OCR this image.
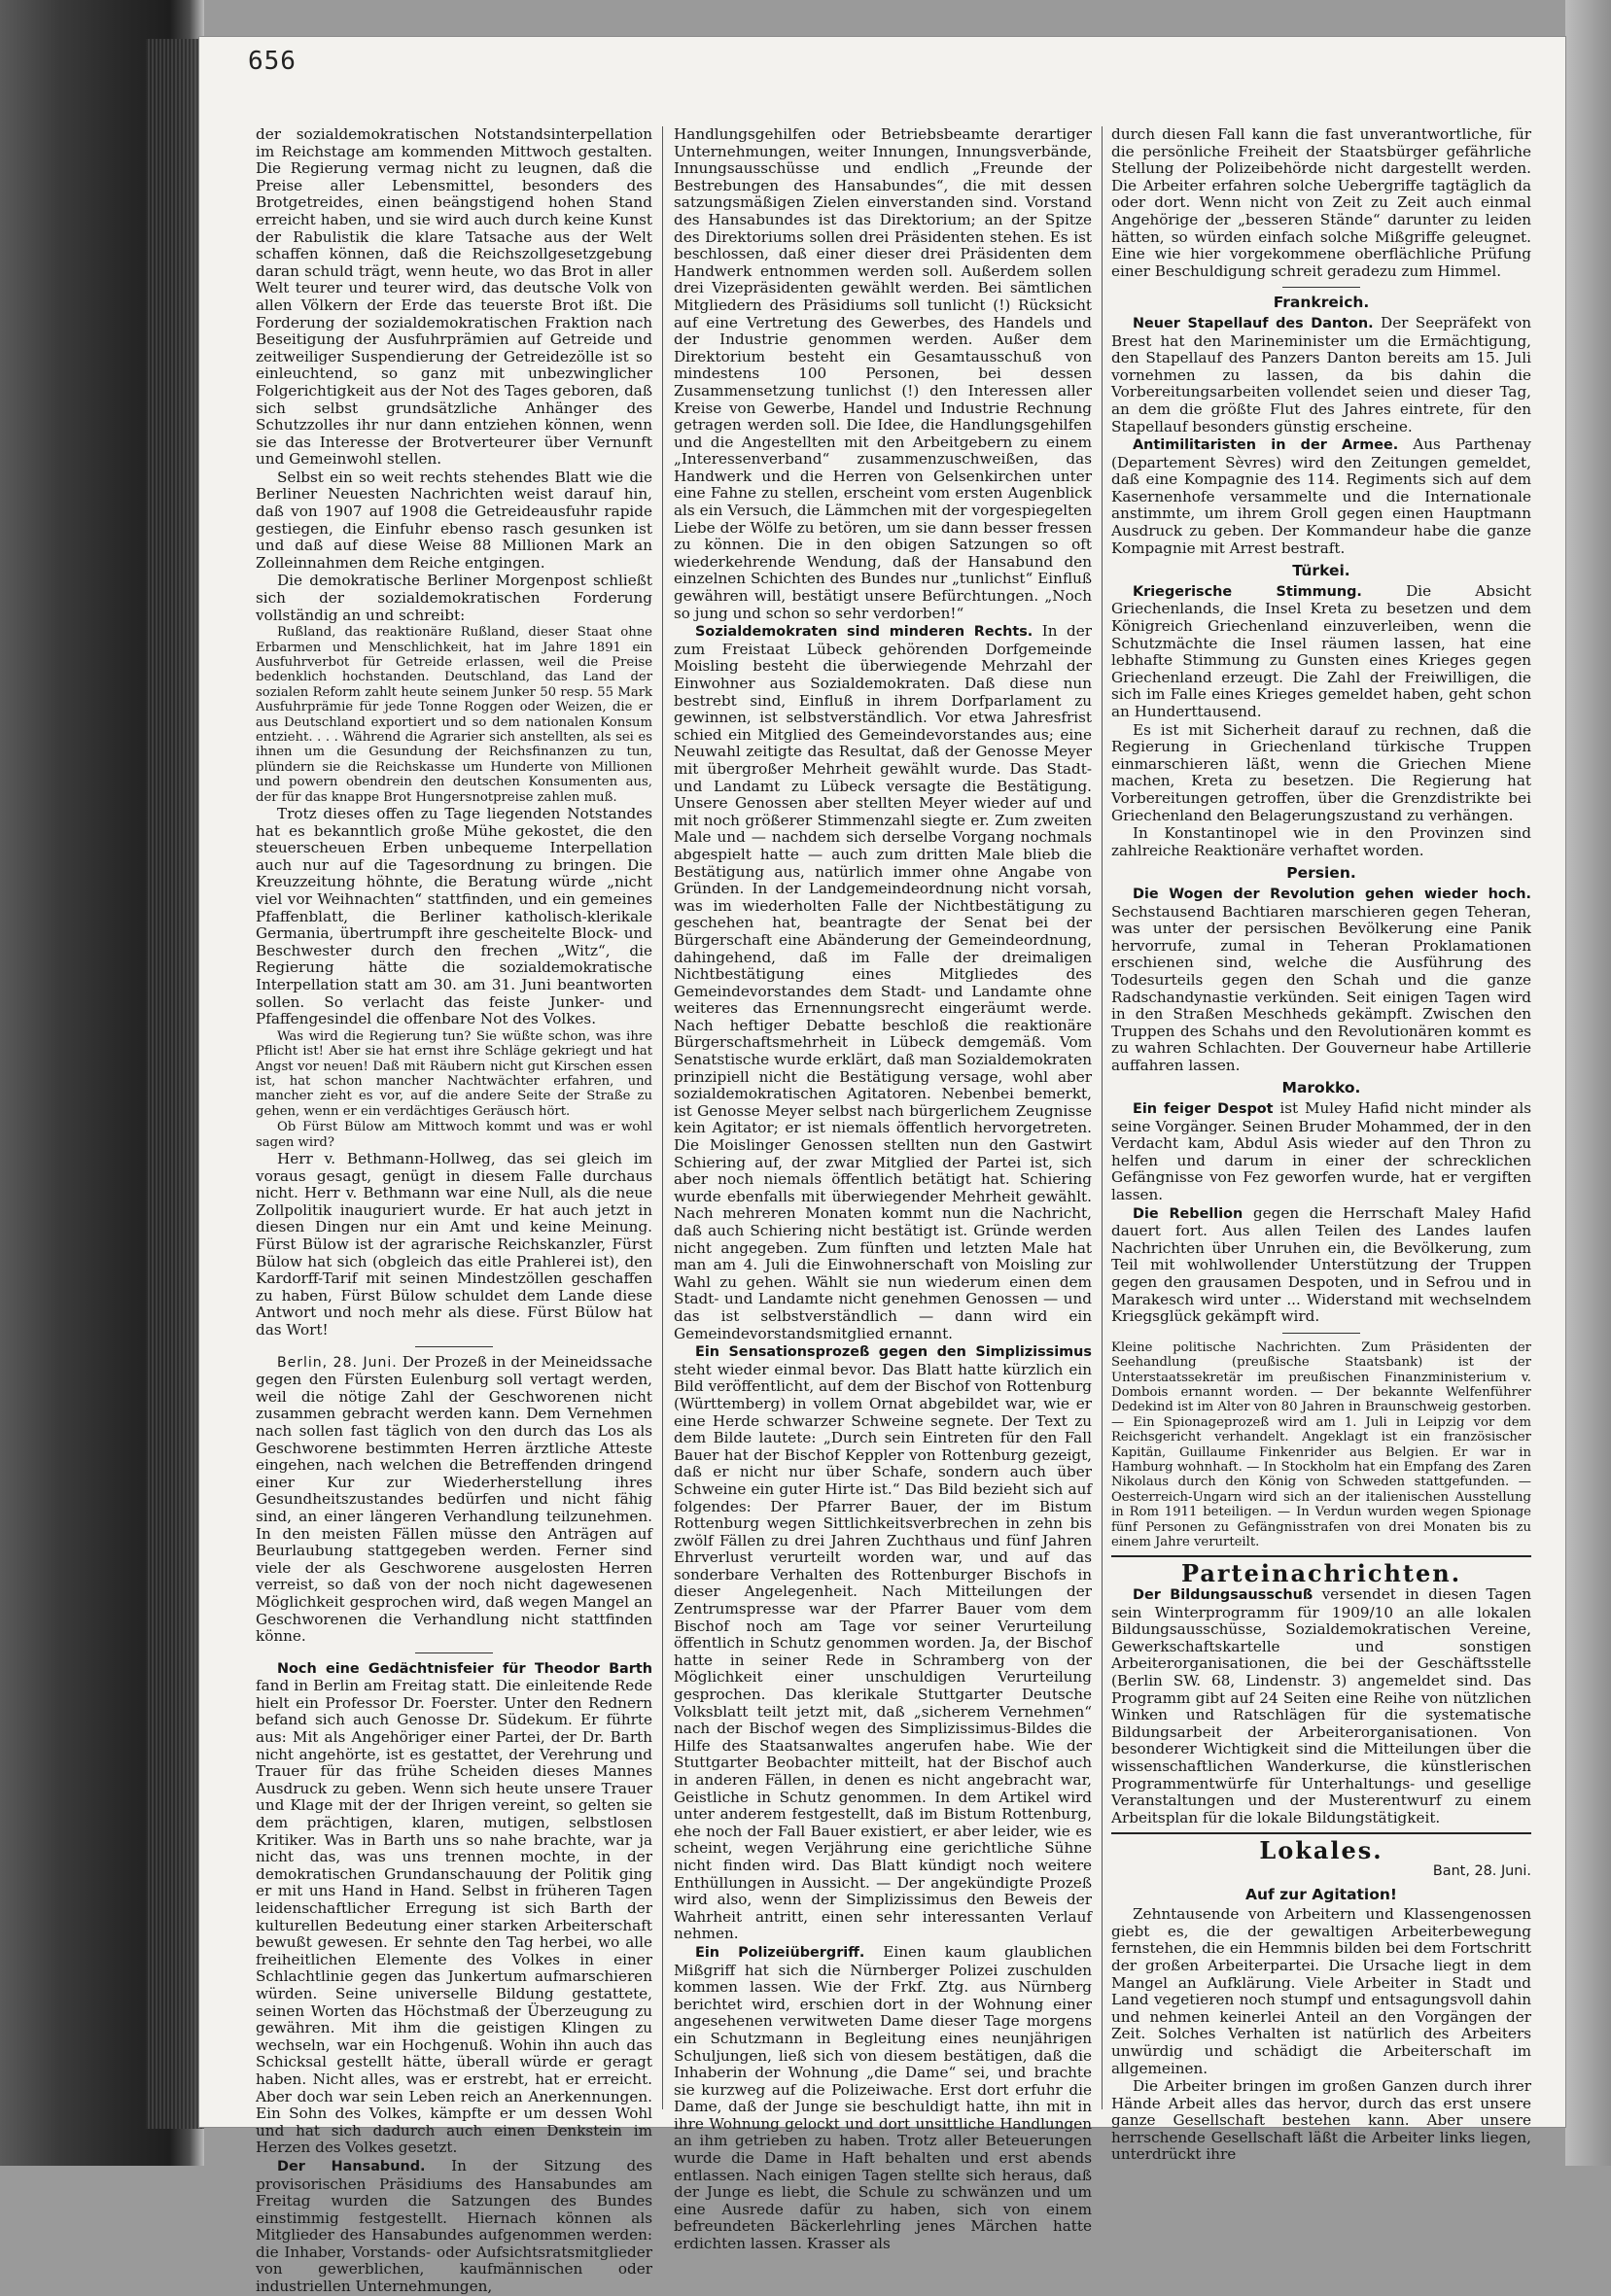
656

der sozialdemokratischen Notstandsinterpellation im Reichstage am kommenden Mittwoch gestalten. Die Regierung vermag nicht zu leugnen, daß die Preise aller Lebensmittel, besonders des Brotgetreides, einen beängstigend hohen Stand erreicht haben, und sie wird auch durch keine Kunst der Rabulistik die klare Tatsache aus der Welt schaffen können, daß die Reichszollgesetzgebung daran schuld trägt, wenn heute, wo das Brot in aller Welt teurer und teurer wird, das deutsche Volk von allen Völkern der Erde das teuerste Brot ißt. Die Forderung der sozialdemokratischen Fraktion nach Beseitigung der Ausfuhrprämien auf Getreide und zeitweiliger Suspendierung der Getreidezölle ist so einleuchtend, so ganz mit unbezwinglicher Folgerichtigkeit aus der Not des Tages geboren, daß sich selbst grundsätzliche Anhänger des Schutzzolles ihr nur dann entziehen können, wenn sie das Interesse der Brotverteurer über Vernunft und Gemeinwohl stellen.

Selbst ein so weit rechts stehendes Blatt wie die Berliner Neuesten Nachrichten weist darauf hin, daß von 1907 auf 1908 die Getreideausfuhr rapide gestiegen, die Einfuhr ebenso rasch gesunken ist und daß auf diese Weise 88 Millionen Mark an Zolleinnahmen dem Reiche entgingen.

Die demokratische Berliner Morgenpost schließt sich der sozialdemokratischen Forderung vollständig an und schreibt:

Rußland, das reaktionäre Rußland, dieser Staat ohne Erbarmen und Menschlichkeit, hat im Jahre 1891 ein Ausfuhrverbot für Getreide erlassen, weil die Preise bedenklich hochstanden. Deutschland, das Land der sozialen Reform zahlt heute seinem Junker 50 resp. 55 Mark Ausfuhrprämie für jede Tonne Roggen oder Weizen, die er aus Deutschland exportiert und so dem nationalen Konsum entzieht. . . . Während die Agrarier sich anstellten, als sei es ihnen um die Gesundung der Reichsfinanzen zu tun, plündern sie die Reichskasse um Hunderte von Millionen und powern obendrein den deutschen Konsumenten aus, der für das knappe Brot Hungersnotpreise zahlen muß.

Trotz dieses offen zu Tage liegenden Notstandes hat es bekanntlich große Mühe gekostet, die den steuerscheuen Erben unbequeme Interpellation auch nur auf die Tagesordnung zu bringen. Die Kreuzzeitung höhnte, die Beratung würde „nicht viel vor Weihnachten“ stattfinden, und ein gemeines Pfaffenblatt, die Berliner katholisch-klerikale Germania, übertrumpft ihre gescheitelte Block- und Beschwester durch den frechen „Witz“, die Regierung hätte die sozialdemokratische Interpellation statt am 30. am 31. Juni beantworten sollen. So verlacht das feiste Junker- und Pfaffengesindel die offenbare Not des Volkes.

Was wird die Regierung tun? Sie wüßte schon, was ihre Pflicht ist! Aber sie hat ernst ihre Schläge gekriegt und hat Angst vor neuen! Daß mit Räubern nicht gut Kirschen essen ist, hat schon mancher Nachtwächter erfahren, und mancher zieht es vor, auf die andere Seite der Straße zu gehen, wenn er ein verdächtiges Geräusch hört.

Ob Fürst Bülow am Mittwoch kommt und was er wohl sagen wird?

Herr v. Bethmann-Hollweg, das sei gleich im voraus gesagt, genügt in diesem Falle durchaus nicht. Herr v. Bethmann war eine Null, als die neue Zollpolitik inauguriert wurde. Er hat auch jetzt in diesen Dingen nur ein Amt und keine Meinung. Fürst Bülow ist der agrarische Reichskanzler, Fürst Bülow hat sich (obgleich das eitle Prahlerei ist), den Kardorff-Tarif mit seinen Mindestzöllen geschaffen zu haben, Fürst Bülow schuldet dem Lande diese Antwort und noch mehr als diese. Fürst Bülow hat das Wort!

Berlin, 28. Juni. Der Prozeß in der Meineidssache gegen den Fürsten Eulenburg soll vertagt werden, weil die nötige Zahl der Geschworenen nicht zusammen gebracht werden kann. Dem Vernehmen nach sollen fast täglich von den durch das Los als Geschworene bestimmten Herren ärztliche Atteste eingehen, nach welchen die Betreffenden dringend einer Kur zur Wiederherstellung ihres Gesundheitszustandes bedürfen und nicht fähig sind, an einer längeren Verhandlung teilzunehmen. In den meisten Fällen müsse den Anträgen auf Beurlaubung stattgegeben werden. Ferner sind viele der als Geschworene ausgelosten Herren verreist, so daß von der noch nicht dagewesenen Möglichkeit gesprochen wird, daß wegen Mangel an Geschworenen die Verhandlung nicht stattfinden könne.

Noch eine Gedächtnisfeier für Theodor Barth fand in Berlin am Freitag statt. Die einleitende Rede hielt ein Professor Dr. Foerster. Unter den Rednern befand sich auch Genosse Dr. Südekum. Er führte aus: Mit als Angehöriger einer Partei, der Dr. Barth nicht angehörte, ist es gestattet, der Verehrung und Trauer für das frühe Scheiden dieses Mannes Ausdruck zu geben. Wenn sich heute unsere Trauer und Klage mit der der Ihrigen vereint, so gelten sie dem prächtigen, klaren, mutigen, selbstlosen Kritiker. Was in Barth uns so nahe brachte, war ja nicht das, was uns trennen mochte, in der demokratischen Grundanschauung der Politik ging er mit uns Hand in Hand. Selbst in früheren Tagen leidenschaftlicher Erregung ist sich Barth der kulturellen Bedeutung einer starken Arbeiterschaft bewußt gewesen. Er sehnte den Tag herbei, wo alle freiheitlichen Elemente des Volkes in einer Schlachtlinie gegen das Junkertum aufmarschieren würden. Seine universelle Bildung gestattete, seinen Worten das Höchstmaß der Überzeugung zu gewähren. Mit ihm die geistigen Klingen zu wechseln, war ein Hochgenuß. Wohin ihn auch das Schicksal gestellt hätte, überall würde er geragt haben. Nicht alles, was er erstrebt, hat er erreicht. Aber doch war sein Leben reich an Anerkennungen. Ein Sohn des Volkes, kämpfte er um dessen Wohl und hat sich dadurch auch einen Denkstein im Herzen des Volkes gesetzt.

Der Hansabund. In der Sitzung des provisorischen Präsidiums des Hansabundes am Freitag wurden die Satzungen des Bundes einstimmig festgestellt. Hiernach können als Mitglieder des Hansabundes aufgenommen werden: die Inhaber, Vorstands- oder Aufsichtsratsmitglieder von gewerblichen, kaufmännischen oder industriellen Unternehmungen,

Handlungsgehilfen oder Betriebsbeamte derartiger Unternehmungen, weiter Innungen, Innungsverbände, Innungsausschüsse und endlich „Freunde der Bestrebungen des Hansabundes“, die mit dessen satzungsmäßigen Zielen einverstanden sind. Vorstand des Hansabundes ist das Direktorium; an der Spitze des Direktoriums sollen drei Präsidenten stehen. Es ist beschlossen, daß einer dieser drei Präsidenten dem Handwerk entnommen werden soll. Außerdem sollen drei Vizepräsidenten gewählt werden. Bei sämtlichen Mitgliedern des Präsidiums soll tunlicht (!) Rücksicht auf eine Vertretung des Gewerbes, des Handels und der Industrie genommen werden. Außer dem Direktorium besteht ein Gesamtausschuß von mindestens 100 Personen, bei dessen Zusammensetzung tunlichst (!) den Interessen aller Kreise von Gewerbe, Handel und Industrie Rechnung getragen werden soll. Die Idee, die Handlungsgehilfen und die Angestellten mit den Arbeitgebern zu einem „Interessenverband“ zusammenzuschweißen, das Handwerk und die Herren von Gelsenkirchen unter eine Fahne zu stellen, erscheint vom ersten Augenblick als ein Versuch, die Lämmchen mit der vorgespiegelten Liebe der Wölfe zu betören, um sie dann besser fressen zu können. Die in den obigen Satzungen so oft wiederkehrende Wendung, daß der Hansabund den einzelnen Schichten des Bundes nur „tunlichst“ Einfluß gewähren will, bestätigt unsere Befürchtungen. „Noch so jung und schon so sehr verdorben!“

Sozialdemokraten sind minderen Rechts. In der zum Freistaat Lübeck gehörenden Dorfgemeinde Moisling besteht die überwiegende Mehrzahl der Einwohner aus Sozialdemokraten. Daß diese nun bestrebt sind, Einfluß in ihrem Dorfparlament zu gewinnen, ist selbstverständlich. Vor etwa Jahresfrist schied ein Mitglied des Gemeindevorstandes aus; eine Neuwahl zeitigte das Resultat, daß der Genosse Meyer mit übergroßer Mehrheit gewählt wurde. Das Stadt- und Landamt zu Lübeck versagte die Bestätigung. Unsere Genossen aber stellten Meyer wieder auf und mit noch größerer Stimmenzahl siegte er. Zum zweiten Male und — nachdem sich derselbe Vorgang nochmals abgespielt hatte — auch zum dritten Male blieb die Bestätigung aus, natürlich immer ohne Angabe von Gründen. In der Landgemeindeordnung nicht vorsah, was im wiederholten Falle der Nichtbestätigung zu geschehen hat, beantragte der Senat bei der Bürgerschaft eine Abänderung der Gemeindeordnung, dahingehend, daß im Falle der dreimaligen Nichtbestätigung eines Mitgliedes des Gemeindevorstandes dem Stadt- und Landamte ohne weiteres das Ernennungsrecht eingeräumt werde. Nach heftiger Debatte beschloß die reaktionäre Bürgerschaftsmehrheit in Lübeck demgemäß. Vom Senatstische wurde erklärt, daß man Sozialdemokraten prinzipiell nicht die Bestätigung versage, wohl aber sozialdemokratischen Agitatoren. Nebenbei bemerkt, ist Genosse Meyer selbst nach bürgerlichem Zeugnisse kein Agitator; er ist niemals öffentlich hervorgetreten. Die Moislinger Genossen stellten nun den Gastwirt Schiering auf, der zwar Mitglied der Partei ist, sich aber noch niemals öffentlich betätigt hat. Schiering wurde ebenfalls mit überwiegender Mehrheit gewählt. Nach mehreren Monaten kommt nun die Nachricht, daß auch Schiering nicht bestätigt ist. Gründe werden nicht angegeben. Zum fünften und letzten Male hat man am 4. Juli die Einwohnerschaft von Moisling zur Wahl zu gehen. Wählt sie nun wiederum einen dem Stadt- und Landamte nicht genehmen Genossen — und das ist selbstverständlich — dann wird ein Gemeindevorstandsmitglied ernannt.

Ein Sensationsprozeß gegen den Simplizissimus steht wieder einmal bevor. Das Blatt hatte kürzlich ein Bild veröffentlicht, auf dem der Bischof von Rottenburg (Württemberg) in vollem Ornat abgebildet war, wie er eine Herde schwarzer Schweine segnete. Der Text zu dem Bilde lautete: „Durch sein Eintreten für den Fall Bauer hat der Bischof Keppler von Rottenburg gezeigt, daß er nicht nur über Schafe, sondern auch über Schweine ein guter Hirte ist.“ Das Bild bezieht sich auf folgendes: Der Pfarrer Bauer, der im Bistum Rottenburg wegen Sittlichkeitsverbrechen in zehn bis zwölf Fällen zu drei Jahren Zuchthaus und fünf Jahren Ehrverlust verurteilt worden war, und auf das sonderbare Verhalten des Rottenburger Bischofs in dieser Angelegenheit. Nach Mitteilungen der Zentrumspresse war der Pfarrer Bauer vom dem Bischof noch am Tage vor seiner Verurteilung öffentlich in Schutz genommen worden. Ja, der Bischof hatte in seiner Rede in Schramberg von der Möglichkeit einer unschuldigen Verurteilung gesprochen. Das klerikale Stuttgarter Deutsche Volksblatt teilt jetzt mit, daß „sicherem Vernehmen“ nach der Bischof wegen des Simplizissimus-Bildes die Hilfe des Staatsanwaltes angerufen habe. Wie der Stuttgarter Beobachter mitteilt, hat der Bischof auch in anderen Fällen, in denen es nicht angebracht war, Geistliche in Schutz genommen. In dem Artikel wird unter anderem festgestellt, daß im Bistum Rottenburg, ehe noch der Fall Bauer existiert, er aber leider, wie es scheint, wegen Verjährung eine gerichtliche Sühne nicht finden wird. Das Blatt kündigt noch weitere Enthüllungen in Aussicht. — Der angekündigte Prozeß wird also, wenn der Simplizissimus den Beweis der Wahrheit antritt, einen sehr interessanten Verlauf nehmen.

Ein Polizeiübergriff. Einen kaum glaublichen Mißgriff hat sich die Nürnberger Polizei zuschulden kommen lassen. Wie der Frkf. Ztg. aus Nürnberg berichtet wird, erschien dort in der Wohnung einer angesehenen verwitweten Dame dieser Tage morgens ein Schutzmann in Begleitung eines neunjährigen Schuljungen, ließ sich von diesem bestätigen, daß die Inhaberin der Wohnung „die Dame“ sei, und brachte sie kurzweg auf die Polizeiwache. Erst dort erfuhr die Dame, daß der Junge sie beschuldigt hatte, ihn mit in ihre Wohnung gelockt und dort unsittliche Handlungen an ihm getrieben zu haben. Trotz aller Beteuerungen wurde die Dame in Haft behalten und erst abends entlassen. Nach einigen Tagen stellte sich heraus, daß der Junge es liebt, die Schule zu schwänzen und um eine Ausrede dafür zu haben, sich von einem befreundeten Bäckerlehrling jenes Märchen hatte erdichten lassen. Krasser als

durch diesen Fall kann die fast unverantwortliche, für die persönliche Freiheit der Staatsbürger gefährliche Stellung der Polizeibehörde nicht dargestellt werden. Die Arbeiter erfahren solche Uebergriffe tagtäglich da oder dort. Wenn nicht von Zeit zu Zeit auch einmal Angehörige der „besseren Stände“ darunter zu leiden hätten, so würden einfach solche Mißgriffe geleugnet. Eine wie hier vorgekommene oberflächliche Prüfung einer Beschuldigung schreit geradezu zum Himmel.

Frankreich.

Neuer Stapellauf des Danton. Der Seepräfekt von Brest hat den Marineminister um die Ermächtigung, den Stapellauf des Panzers Danton bereits am 15. Juli vornehmen zu lassen, da bis dahin die Vorbereitungsarbeiten vollendet seien und dieser Tag, an dem die größte Flut des Jahres eintrete, für den Stapellauf besonders günstig erscheine.

Antimilitaristen in der Armee. Aus Parthenay (Departement Sèvres) wird den Zeitungen gemeldet, daß eine Kompagnie des 114. Regiments sich auf dem Kasernenhofe versammelte und die Internationale anstimmte, um ihrem Groll gegen einen Hauptmann Ausdruck zu geben. Der Kommandeur habe die ganze Kompagnie mit Arrest bestraft.

Türkei.

Kriegerische Stimmung.	Die Absicht Griechenlands, die Insel Kreta zu besetzen und dem Königreich Griechenland einzuverleiben, wenn die Schutzmächte die Insel räumen lassen, hat eine lebhafte Stimmung zu Gunsten eines Krieges gegen Griechenland erzeugt. Die Zahl der Freiwilligen, die sich im Falle eines Krieges gemeldet haben, geht schon an Hunderttausend.

Es ist mit Sicherheit darauf zu rechnen, daß die Regierung in Griechenland türkische Truppen einmarschieren läßt, wenn die Griechen Miene machen, Kreta zu besetzen. Die Regierung hat Vorbereitungen getroffen, über die Grenzdistrikte bei Griechenland den Belagerungszustand zu verhängen.

In Konstantinopel wie in den Provinzen sind zahlreiche Reaktionäre verhaftet worden.

Persien.

Die Wogen der Revolution gehen wieder hoch. Sechstausend Bachtiaren marschieren gegen Teheran, was unter der persischen Bevölkerung eine Panik hervorrufe, zumal in Teheran Proklamationen erschienen sind, welche die Ausführung des Todesurteils gegen den Schah und die ganze Radschandynastie verkünden. Seit einigen Tagen wird in den Straßen Meschheds gekämpft. Zwischen den Truppen des Schahs und den Revolutionären kommt es zu wahren Schlachten. Der Gouverneur habe Artillerie auffahren lassen.

Marokko.

Ein feiger Despot ist Muley Hafid nicht minder als seine Vorgänger. Seinen Bruder Mohammed, der in den Verdacht kam, Abdul Asis wieder auf den Thron zu helfen und darum in einer der schrecklichen Gefängnisse von Fez geworfen wurde, hat er vergiften lassen.

Die Rebellion gegen die Herrschaft Maley Hafid dauert fort. Aus allen Teilen des Landes laufen Nachrichten über Unruhen ein, die Bevölkerung, zum Teil mit wohlwollender Unterstützung der Truppen gegen den grausamen Despoten, und in Sefrou und in Marakesch wird unter ... Widerstand mit wechselndem Kriegsglück gekämpft wird.

Kleine politische Nachrichten. Zum Präsidenten der Seehandlung (preußische Staatsbank) ist der Unterstaatssekretär im preußischen Finanzministerium v. Dombois ernannt worden. — Der bekannte Welfenführer Dedekind ist im Alter von 80 Jahren in Braunschweig gestorben. — Ein Spionageprozeß wird am 1. Juli in Leipzig vor dem Reichsgericht verhandelt. Angeklagt ist ein französischer Kapitän, Guillaume Finkenrider aus Belgien. Er war in Hamburg wohnhaft. — In Stockholm hat ein Empfang des Zaren Nikolaus durch den König von Schweden stattgefunden. — Oesterreich-Ungarn wird sich an der italienischen Ausstellung in Rom 1911 beteiligen. — In Verdun wurden wegen Spionage fünf Personen zu Gefängnisstrafen von drei Monaten bis zu einem Jahre verurteilt.

Parteinachrichten.

Der Bildungsausschuß versendet in diesen Tagen sein Winterprogramm für 1909/10 an alle lokalen Bildungsausschüsse, Sozialdemokratischen Vereine, Gewerkschaftskartelle und sonstigen Arbeiterorganisationen, die bei der Geschäftsstelle (Berlin SW. 68, Lindenstr. 3) angemeldet sind. Das Programm gibt auf 24 Seiten eine Reihe von nützlichen Winken und Ratschlägen für die systematische Bildungsarbeit der Arbeiterorganisationen. Von besonderer Wichtigkeit sind die Mitteilungen über die wissenschaftlichen Wanderkurse, die künstlerischen Programmentwürfe für Unterhaltungs- und gesellige Veranstaltungen und der Musterentwurf zu einem Arbeitsplan für die lokale Bildungstätigkeit.

Lokales.
Bant, 28. Juni.
Auf zur Agitation!

Zehntausende von Arbeitern und Klassengenossen giebt es, die der gewaltigen Arbeiterbewegung fernstehen, die ein Hemmnis bilden bei dem Fortschritt der großen Arbeiterpartei. Die Ursache liegt in dem Mangel an Aufklärung. Viele Arbeiter in Stadt und Land vegetieren noch stumpf und entsagungsvoll dahin und nehmen keinerlei Anteil an den Vorgängen der Zeit. Solches Verhalten ist natürlich des Arbeiters unwürdig und schädigt die Arbeiterschaft im allgemeinen.

Die Arbeiter bringen im großen Ganzen durch ihrer Hände Arbeit alles das hervor, durch das erst unsere ganze Gesellschaft bestehen kann. Aber unsere herrschende Gesellschaft läßt die Arbeiter links liegen, unterdrückt ihre
